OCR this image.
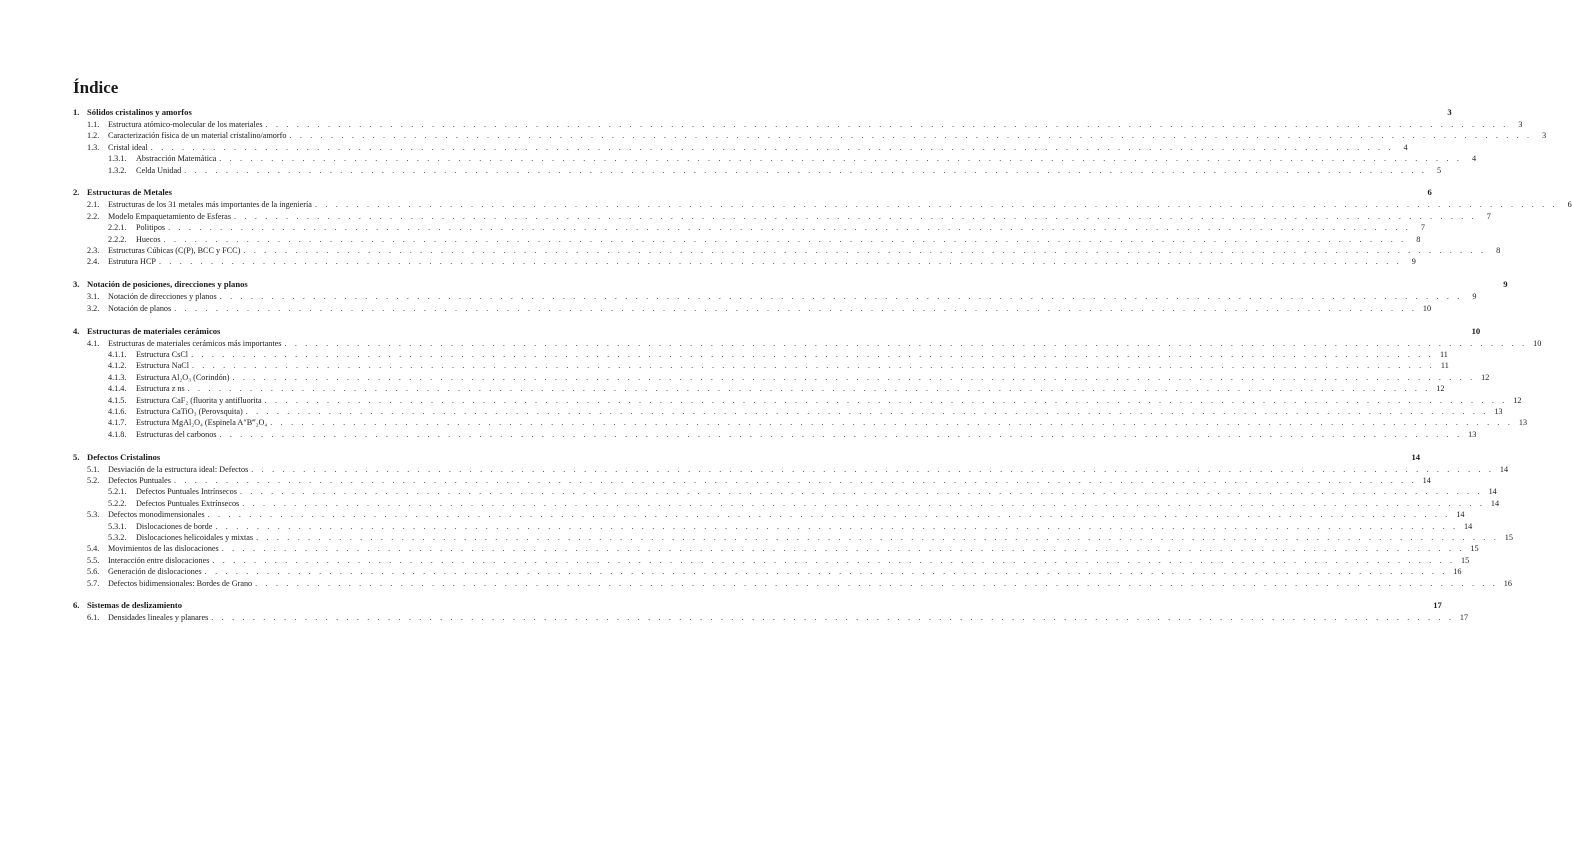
Índice
1. Sólidos cristalinos y amorfos	3
1.1.	Estructura atómico-molecular de los materiales . . . . . . . . . . . . . . . . . . . . . . . . . . . . . . . . . . . . . . . . . . . . . . . . . . . . . . . . . . . . . . . . . . . . . . . . . . . . . . . . . . . . . . . . . . . . . . . . . . . . . . . . . . . . . . . . . . . . . . . .	3
1.2.	Caracterización física de un material cristalino/amorfo . . . . . . . . . . . . . . . . . . . . . . . . . . . . . . . . . . . . . . . . . . . . . . . . . . . . . . . . . . . . . . . . . . . . . . . . . . . . . . . . . . . . . . . . . . . . . . . . . . . . . . . . . . . . . . . . . . . . . . . .	3
1.3.	Cristal ideal . . . . . . . . . . . . . . . . . . . . . . . . . . . . . . . . . . . . . . . . . . . . . . . . . . . . . . . . . . . . . . . . . . . . . . . . . . . . . . . . . . . . . . . . . . . . . . . . . . . . . . . . . . . . . . . . . . . . . . . .	4
1.3.1.	Abstracción Matemática . . . . . . . . . . . . . . . . . . . . . . . . . . . . . . . . . . . . . . . . . . . . . . . . . . . . . . . . . . . . . . . . . . . . . . . . . . . . . . . . . . . . . . . . . . . . . . . . . . . . . . . . . . . . . . . . . . . . . . . .	4
1.3.2.	Celda Unidad . . . . . . . . . . . . . . . . . . . . . . . . . . . . . . . . . . . . . . . . . . . . . . . . . . . . . . . . . . . . . . . . . . . . . . . . . . . . . . . . . . . . . . . . . . . . . . . . . . . . . . . . . . . . . . . . . . . . . . . .	5
2. Estructuras de Metales	6
2.1.	Estructuras de los 31 metales más importantes de la ingeniería . . . . . . . . . . . . . . . . . . . . . . . . . . . . . . . . . . . . . . . . . . . . . . . . . . . . . . . . . . . . . . . . . . . . . . . . . . . . . . . . . . . . . . . . . . . . . . . . . . . . . . . . . . . . . . . . . . . . . . . .	6
2.2.	Modelo Empaquetamiento de Esferas . . . . . . . . . . . . . . . . . . . . . . . . . . . . . . . . . . . . . . . . . . . . . . . . . . . . . . . . . . . . . . . . . . . . . . . . . . . . . . . . . . . . . . . . . . . . . . . . . . . . . . . . . . . . . . . . . . . . . . . .	7
2.2.1.	Politipos . . . . . . . . . . . . . . . . . . . . . . . . . . . . . . . . . . . . . . . . . . . . . . . . . . . . . . . . . . . . . . . . . . . . . . . . . . . . . . . . . . . . . . . . . . . . . . . . . . . . . . . . . . . . . . . . . . . . . . . .	7
2.2.2.	Huecos . . . . . . . . . . . . . . . . . . . . . . . . . . . . . . . . . . . . . . . . . . . . . . . . . . . . . . . . . . . . . . . . . . . . . . . . . . . . . . . . . . . . . . . . . . . . . . . . . . . . . . . . . . . . . . . . . . . . . . . .	8
2.3.	Estructuras Cúbicas (C(P), BCC y FCC) . . . . . . . . . . . . . . . . . . . . . . . . . . . . . . . . . . . . . . . . . . . . . . . . . . . . . . . . . . . . . . . . . . . . . . . . . . . . . . . . . . . . . . . . . . . . . . . . . . . . . . . . . . . . . . . . . . . . . . . .	8
2.4.	Estrutura HCP . . . . . . . . . . . . . . . . . . . . . . . . . . . . . . . . . . . . . . . . . . . . . . . . . . . . . . . . . . . . . . . . . . . . . . . . . . . . . . . . . . . . . . . . . . . . . . . . . . . . . . . . . . . . . . . . . . . . . . . .	9
3. Notación de posiciones, direcciones y planos	9
3.1.	Notación de direcciones y planos . . . . . . . . . . . . . . . . . . . . . . . . . . . . . . . . . . . . . . . . . . . . . . . . . . . . . . . . . . . . . . . . . . . . . . . . . . . . . . . . . . . . . . . . . . . . . . . . . . . . . . . . . . . . . . . . . . . . . . . .	9
3.2.	Notación de planos . . . . . . . . . . . . . . . . . . . . . . . . . . . . . . . . . . . . . . . . . . . . . . . . . . . . . . . . . . . . . . . . . . . . . . . . . . . . . . . . . . . . . . . . . . . . . . . . . . . . . . . . . . . . . . . . . . . . . . . . 10
4. Estructuras de materiales cerámicos	10
4.1.	Estructuras de materiales cerámicos más importantes . . . . . . . . . . . . . . . . . . . . . . . . . . . . . . . . . . . . . . . . . . . . . . . . . . . . . . . . . . . . . . . . . . . . . . . . . . . . . . . . . . . . . . . . . . . . . . . . . . . . . . . . . . . . . . . . . . . . . . . . 10
4.1.1.	Estructura CsCl . . . . . . . . . . . . . . . . . . . . . . . . . . . . . . . . . . . . . . . . . . . . . . . . . . . . . . . . . . . . . . . . . . . . . . . . . . . . . . . . . . . . . . . . . . . . . . . . . . . . . . . . . . . . . . . . . . . . . . . . 11
4.1.2.	Estructura NaCl . . . . . . . . . . . . . . . . . . . . . . . . . . . . . . . . . . . . . . . . . . . . . . . . . . . . . . . . . . . . . . . . . . . . . . . . . . . . . . . . . . . . . . . . . . . . . . . . . . . . . . . . . . . . . . . . . . . . . . . . 11
4.1.3.	Estructura Al₂O₃ (Corindón) . . . . . . . . . . . . . . . . . . . . . . . . . . . . . . . . . . . . . . . . . . . . . . . . . . . . . . . . . . . . . . . . . . . . . . . . . . . . . . . . . . . . . . . . . . . . . . . . . . . . . . . . . . . . . . . . . . . . . . . . 12
4.1.4.	Estructura z ns . . . . . . . . . . . . . . . . . . . . . . . . . . . . . . . . . . . . . . . . . . . . . . . . . . . . . . . . . . . . . . . . . . . . . . . . . . . . . . . . . . . . . . . . . . . . . . . . . . . . . . . . . . . . . . . . . . . . . . . . 12
4.1.5.	Estructura CaF₂ (fluorita y antifluorita . . . . . . . . . . . . . . . . . . . . . . . . . . . . . . . . . . . . . . . . . . . . . . . . . . . . . . . . . . . . . . . . . . . . . . . . . . . . . . . . . . . . . . . . . . . . . . . . . . . . . . . . . . . . . . . . . . . . . . . . 12
4.1.6.	Estructura CaTiO₃ (Perovsquita) . . . . . . . . . . . . . . . . . . . . . . . . . . . . . . . . . . . . . . . . . . . . . . . . . . . . . . . . . . . . . . . . . . . . . . . . . . . . . . . . . . . . . . . . . . . . . . . . . . . . . . . . . . . . . . . . . . . . . . . . 13
4.1.7.	Estructura MgAl₂O₄ (Espinela A″B‴₂O₄ . . . . . . . . . . . . . . . . . . . . . . . . . . . . . . . . . . . . . . . . . . . . . . . . . . . . . . . . . . . . . . . . . . . . . . . . . . . . . . . . . . . . . . . . . . . . . . . . . . . . . . . . . . . . . . . . . . . . . . . . 13
4.1.8.	Estructuras del carbonos . . . . . . . . . . . . . . . . . . . . . . . . . . . . . . . . . . . . . . . . . . . . . . . . . . . . . . . . . . . . . . . . . . . . . . . . . . . . . . . . . . . . . . . . . . . . . . . . . . . . . . . . . . . . . . . . . . . . . . . . 13
5. Defectos Cristalinos	14
5.1.	Desviación de la estructura ideal: Defectos . . . . . . . . . . . . . . . . . . . . . . . . . . . . . . . . . . . . . . . . . . . . . . . . . . . . . . . . . . . . . . . . . . . . . . . . . . . . . . . . . . . . . . . . . . . . . . . . . . . . . . . . . . . . . . . . . . . . . . . . 14
5.2.	Defectos Puntuales . . . . . . . . . . . . . . . . . . . . . . . . . . . . . . . . . . . . . . . . . . . . . . . . . . . . . . . . . . . . . . . . . . . . . . . . . . . . . . . . . . . . . . . . . . . . . . . . . . . . . . . . . . . . . . . . . . . . . . . . 14
5.2.1.	Defectos Puntuales Intrínsecos . . . . . . . . . . . . . . . . . . . . . . . . . . . . . . . . . . . . . . . . . . . . . . . . . . . . . . . . . . . . . . . . . . . . . . . . . . . . . . . . . . . . . . . . . . . . . . . . . . . . . . . . . . . . . . . . . . . . . . . . 14
5.2.2.	Defectos Puntuales Extrínsecos . . . . . . . . . . . . . . . . . . . . . . . . . . . . . . . . . . . . . . . . . . . . . . . . . . . . . . . . . . . . . . . . . . . . . . . . . . . . . . . . . . . . . . . . . . . . . . . . . . . . . . . . . . . . . . . . . . . . . . . . 14
5.3.	Defectos monodimensionales . . . . . . . . . . . . . . . . . . . . . . . . . . . . . . . . . . . . . . . . . . . . . . . . . . . . . . . . . . . . . . . . . . . . . . . . . . . . . . . . . . . . . . . . . . . . . . . . . . . . . . . . . . . . . . . . . . . . . . . . 14
5.3.1.	Dislocaciones de borde . . . . . . . . . . . . . . . . . . . . . . . . . . . . . . . . . . . . . . . . . . . . . . . . . . . . . . . . . . . . . . . . . . . . . . . . . . . . . . . . . . . . . . . . . . . . . . . . . . . . . . . . . . . . . . . . . . . . . . . . 14
5.3.2.	Dislocaciones helicoidales y mixtas . . . . . . . . . . . . . . . . . . . . . . . . . . . . . . . . . . . . . . . . . . . . . . . . . . . . . . . . . . . . . . . . . . . . . . . . . . . . . . . . . . . . . . . . . . . . . . . . . . . . . . . . . . . . . . . . . . . . . . . . 15
5.4.	Movimientos de las dislocaciones . . . . . . . . . . . . . . . . . . . . . . . . . . . . . . . . . . . . . . . . . . . . . . . . . . . . . . . . . . . . . . . . . . . . . . . . . . . . . . . . . . . . . . . . . . . . . . . . . . . . . . . . . . . . . . . . . . . . . . . . 15
5.5.	Interacción entre dislocaciones . . . . . . . . . . . . . . . . . . . . . . . . . . . . . . . . . . . . . . . . . . . . . . . . . . . . . . . . . . . . . . . . . . . . . . . . . . . . . . . . . . . . . . . . . . . . . . . . . . . . . . . . . . . . . . . . . . . . . . . . 15
5.6.	Generación de dislocaciones . . . . . . . . . . . . . . . . . . . . . . . . . . . . . . . . . . . . . . . . . . . . . . . . . . . . . . . . . . . . . . . . . . . . . . . . . . . . . . . . . . . . . . . . . . . . . . . . . . . . . . . . . . . . . . . . . . . . . . . . 16
5.7.	Defectos bidimensionales: Bordes de Grano . . . . . . . . . . . . . . . . . . . . . . . . . . . . . . . . . . . . . . . . . . . . . . . . . . . . . . . . . . . . . . . . . . . . . . . . . . . . . . . . . . . . . . . . . . . . . . . . . . . . . . . . . . . . . . . . . . . . . . . . 16
6. Sistemas de deslizamiento	17
6.1.	Densidades lineales y planares . . . . . . . . . . . . . . . . . . . . . . . . . . . . . . . . . . . . . . . . . . . . . . . . . . . . . . . . . . . . . . . . . . . . . . . . . . . . . . . . . . . . . . . . . . . . . . . . . . . . . . . . . . . . . . . . . . . . . . . . 17
